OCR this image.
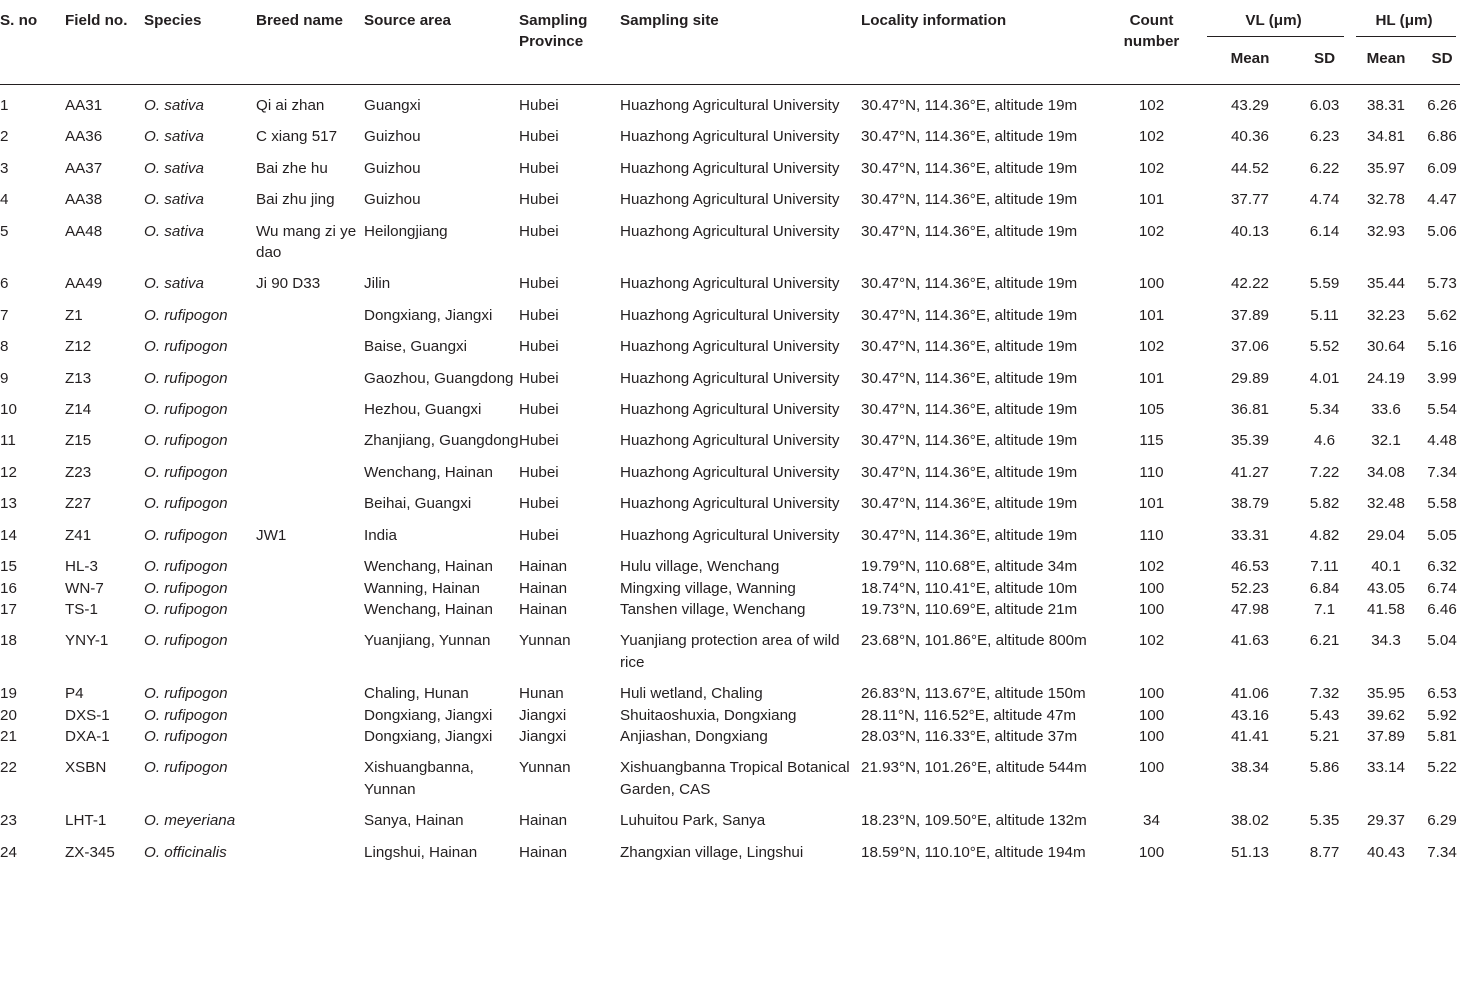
S. no	Field no.	Species	Breed name	Source area	Sampling Province	Sampling site	Locality information	Count number	VL (μm)		HL (μm)	

									Mean	SD	Mean	SD
1	AA31	O. sativa	Qi ai zhan	Guangxi	Hubei	Huazhong Agricultural University	30.47°N, 114.36°E, altitude 19m	102	43.29	6.03	38.31	6.26
2	AA36	O. sativa	C xiang 517	Guizhou	Hubei	Huazhong Agricultural University	30.47°N, 114.36°E, altitude 19m	102	40.36	6.23	34.81	6.86
3	AA37	O. sativa	Bai zhe hu	Guizhou	Hubei	Huazhong Agricultural University	30.47°N, 114.36°E, altitude 19m	102	44.52	6.22	35.97	6.09
4	AA38	O. sativa	Bai zhu jing	Guizhou	Hubei	Huazhong Agricultural University	30.47°N, 114.36°E, altitude 19m	101	37.77	4.74	32.78	4.47
5	AA48	O. sativa	Wu mang zi ye dao	Heilongjiang	Hubei	Huazhong Agricultural University	30.47°N, 114.36°E, altitude 19m	102	40.13	6.14	32.93	5.06
6	AA49	O. sativa	Ji 90 D33	Jilin	Hubei	Huazhong Agricultural University	30.47°N, 114.36°E, altitude 19m	100	42.22	5.59	35.44	5.73
7	Z1	O. rufipogon		Dongxiang, Jiangxi	Hubei	Huazhong Agricultural University	30.47°N, 114.36°E, altitude 19m	101	37.89	5.11	32.23	5.62
8	Z12	O. rufipogon		Baise, Guangxi	Hubei	Huazhong Agricultural University	30.47°N, 114.36°E, altitude 19m	102	37.06	5.52	30.64	5.16
9	Z13	O. rufipogon		Gaozhou, Guangdong	Hubei	Huazhong Agricultural University	30.47°N, 114.36°E, altitude 19m	101	29.89	4.01	24.19	3.99
10	Z14	O. rufipogon		Hezhou, Guangxi	Hubei	Huazhong Agricultural University	30.47°N, 114.36°E, altitude 19m	105	36.81	5.34	33.6	5.54
11	Z15	O. rufipogon		Zhanjiang, Guangdong	Hubei	Huazhong Agricultural University	30.47°N, 114.36°E, altitude 19m	115	35.39	4.6	32.1	4.48
12	Z23	O. rufipogon		Wenchang, Hainan	Hubei	Huazhong Agricultural University	30.47°N, 114.36°E, altitude 19m	110	41.27	7.22	34.08	7.34
13	Z27	O. rufipogon		Beihai, Guangxi	Hubei	Huazhong Agricultural University	30.47°N, 114.36°E, altitude 19m	101	38.79	5.82	32.48	5.58
14	Z41	O. rufipogon	JW1	India	Hubei	Huazhong Agricultural University	30.47°N, 114.36°E, altitude 19m	110	33.31	4.82	29.04	5.05
15	HL-3	O. rufipogon		Wenchang, Hainan	Hainan	Hulu village, Wenchang	19.79°N, 110.68°E, altitude 34m	102	46.53	7.11	40.1	6.32
16	WN-7	O. rufipogon		Wanning, Hainan	Hainan	Mingxing village, Wanning	18.74°N, 110.41°E, altitude 10m	100	52.23	6.84	43.05	6.74
17	TS-1	O. rufipogon		Wenchang, Hainan	Hainan	Tanshen village, Wenchang	19.73°N, 110.69°E, altitude 21m	100	47.98	7.1	41.58	6.46
18	YNY-1	O. rufipogon		Yuanjiang, Yunnan	Yunnan	Yuanjiang protection area of wild rice	23.68°N, 101.86°E, altitude 800m	102	41.63	6.21	34.3	5.04
19	P4	O. rufipogon		Chaling, Hunan	Hunan	Huli wetland, Chaling	26.83°N, 113.67°E, altitude 150m	100	41.06	7.32	35.95	6.53
20	DXS-1	O. rufipogon		Dongxiang, Jiangxi	Jiangxi	Shuitaoshuxia, Dongxiang	28.11°N, 116.52°E, altitude 47m	100	43.16	5.43	39.62	5.92
21	DXA-1	O. rufipogon		Dongxiang, Jiangxi	Jiangxi	Anjiashan, Dongxiang	28.03°N, 116.33°E, altitude 37m	100	41.41	5.21	37.89	5.81
22	XSBN	O. rufipogon		Xishuangbanna, Yunnan	Yunnan	Xishuangbanna Tropical Botanical Garden, CAS	21.93°N, 101.26°E, altitude 544m	100	38.34	5.86	33.14	5.22
23	LHT-1	O. meyeriana		Sanya, Hainan	Hainan	Luhuitou Park, Sanya	18.23°N, 109.50°E, altitude 132m	34	38.02	5.35	29.37	6.29
24	ZX-345	O. officinalis		Lingshui, Hainan	Hainan	Zhangxian village, Lingshui	18.59°N, 110.10°E, altitude 194m	100	51.13	8.77	40.43	7.34
